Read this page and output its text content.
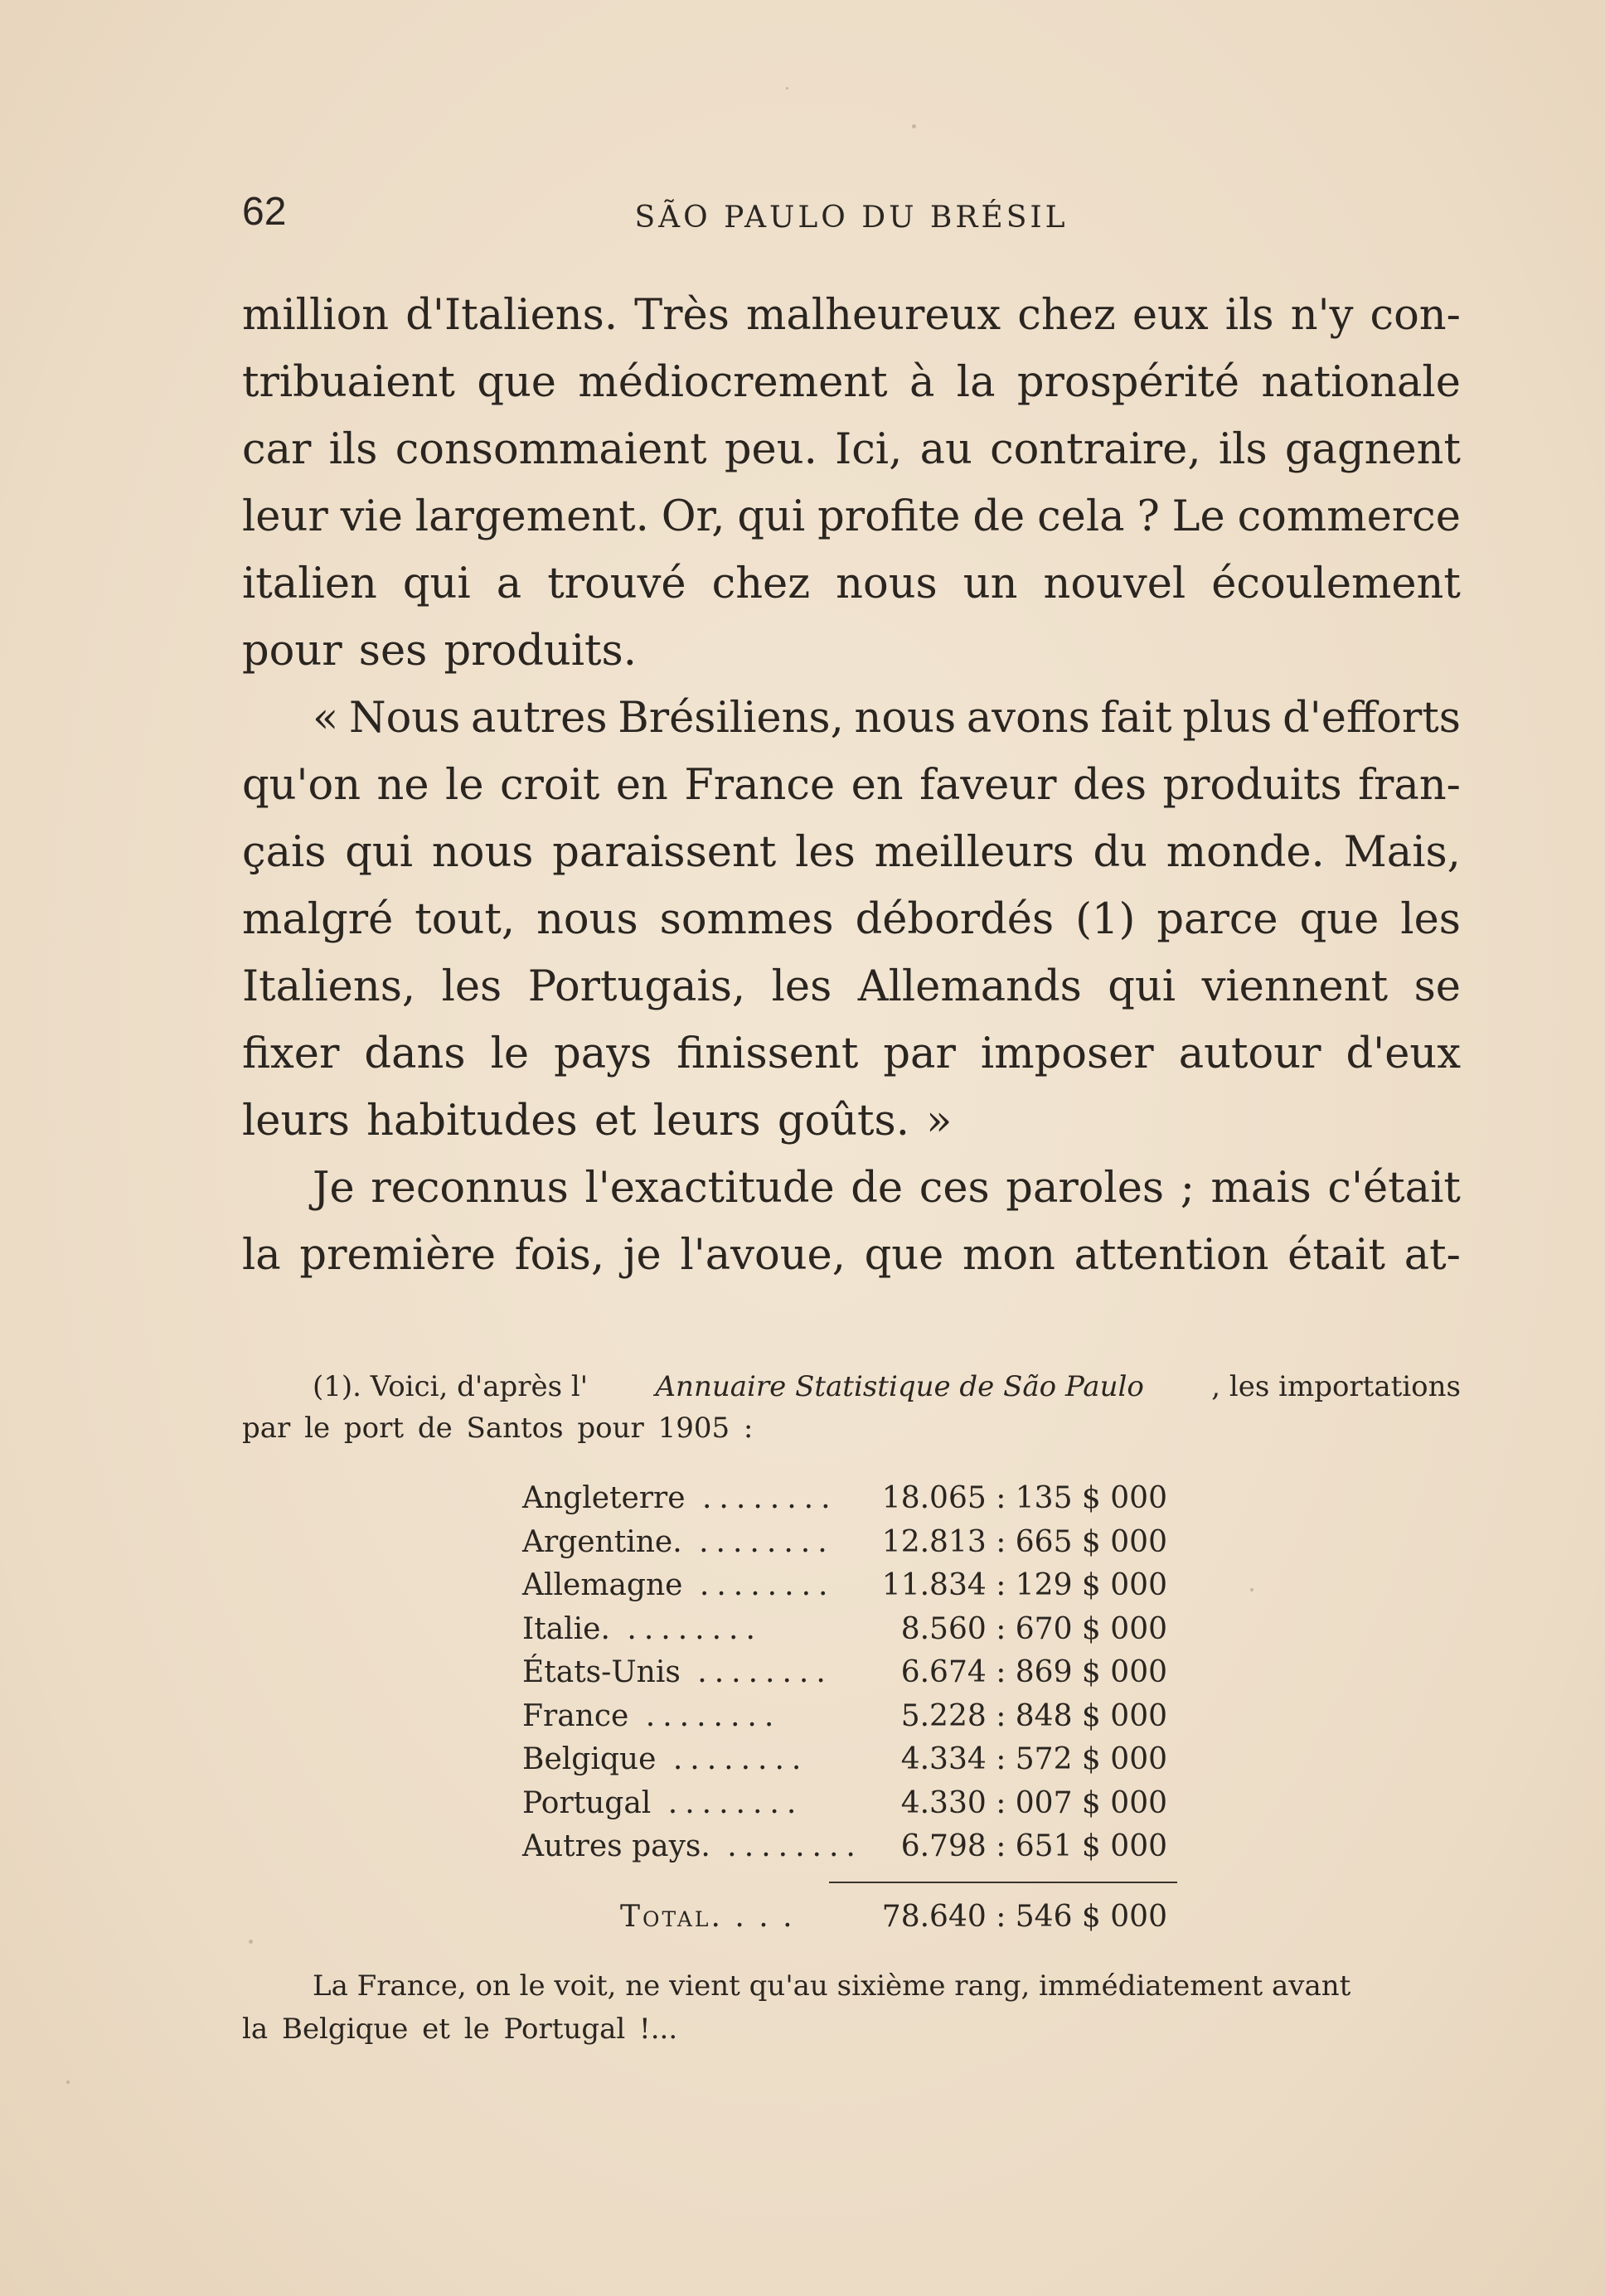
62	SÃO PAULO DU BRÉSIL
million d'Italiens. Très malheureux chez eux ils n'y con-
tribuaient que médiocrement à la prospérité nationale
car ils consommaient peu. Ici, au contraire, ils gagnent
leur vie largement. Or, qui profite de cela ? Le commerce
italien qui a trouvé chez nous un nouvel écoulement
pour ses produits.
« Nous autres Brésiliens, nous avons fait plus d'efforts
qu'on ne le croit en France en faveur des produits fran-
çais qui nous paraissent les meilleurs du monde. Mais,
malgré tout, nous sommes débordés (1) parce que les
Italiens, les Portugais, les Allemands qui viennent se
fixer dans le pays finissent par imposer autour d'eux
leurs habitudes et leurs goûts. »
Je reconnus l'exactitude de ces paroles ; mais c'était
la première fois, je l'avoue, que mon attention était at-
(1). Voici, d'après l' Annuaire Statistique de São Paulo , les importations
par le port de Santos pour 1905 :
Angleterre ........	18.065 : 135 $ 000
Argentine. ........	12.813 : 665 $ 000
Allemagne ........	11.834 : 129 $ 000
Italie. ........	8.560 : 670 $ 000
États-Unis ........	6.674 : 869 $ 000
France ........	5.228 : 848 $ 000
Belgique ........	4.334 : 572 $ 000
Portugal ........	4.330 : 007 $ 000
Autres pays. ........	6.798 : 651 $ 000
Total. . . .	78.640 : 546 $ 000
La France, on le voit, ne vient qu'au sixième rang, immédiatement avant
la Belgique et le Portugal !...
